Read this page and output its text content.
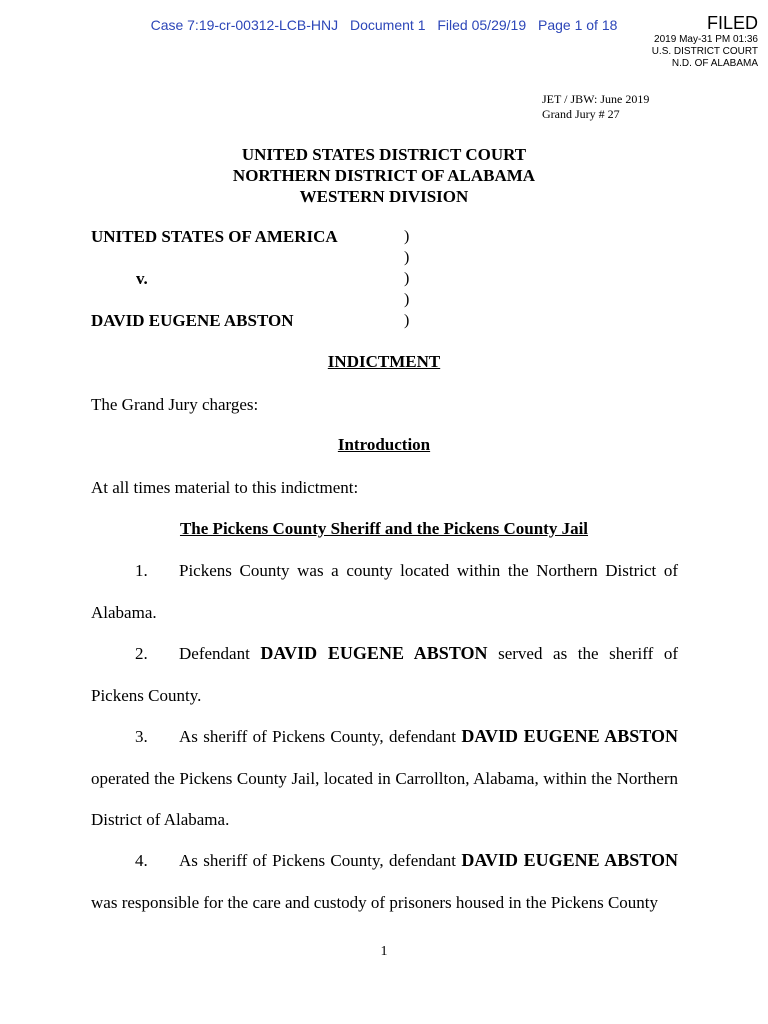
Case 7:19-cr-00312-LCB-HNJ Document 1 Filed 05/29/19 Page 1 of 18	FILED
2019 May-31 PM 01:36
U.S. DISTRICT COURT
N.D. OF ALABAMA
JET / JBW: June 2019
Grand Jury # 27
UNITED STATES DISTRICT COURT
NORTHERN DISTRICT OF ALABAMA
WESTERN DIVISION
UNITED STATES OF AMERICA
v.
DAVID EUGENE ABSTON
)
)
)
)
)
INDICTMENT
The Grand Jury charges:
Introduction
At all times material to this indictment:
The Pickens County Sheriff and the Pickens County Jail
1. Pickens County was a county located within the Northern District of Alabama.
2. Defendant DAVID EUGENE ABSTON served as the sheriff of Pickens County.
3. As sheriff of Pickens County, defendant DAVID EUGENE ABSTON operated the Pickens County Jail, located in Carrollton, Alabama, within the Northern District of Alabama.
4. As sheriff of Pickens County, defendant DAVID EUGENE ABSTON was responsible for the care and custody of prisoners housed in the Pickens County
1
